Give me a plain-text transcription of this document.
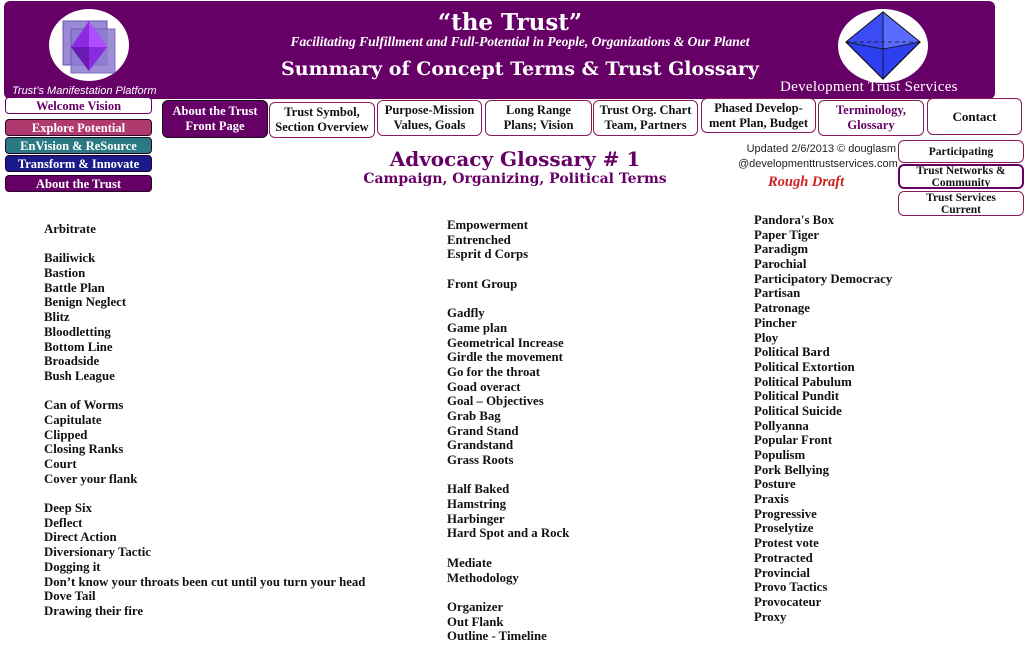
“the Trust”
Facilitating Fulfillment and Full-Potential in People, Organizations & Our Planet
Summary of Concept Terms & Trust Glossary
Trust’s Manifestation Platform	Development Trust Services
Welcome Vision
Explore Potential
EnVision & ReSource
Transform & Innovate
About the Trust
About the Trust
Front Page
Trust Symbol,
Section Overview
Purpose-Mission
Values, Goals
Long Range
Plans; Vision
Trust Org. Chart
Team, Partners
Phased Develop-
ment Plan, Budget
Terminology,
Glossary
Contact
Participating
Trust Networks &
Community
Trust Services
Current
Advocacy Glossary # 1
Campaign, Organizing, Political Terms
Updated 2/6/2013 © douglasm
@developmenttrustservices.com
Rough Draft
Arbitrate
Bailiwick
Bastion
Battle Plan
Benign Neglect
Blitz
Bloodletting
Bottom Line
Broadside
Bush League
Can of Worms
Capitulate
Clipped
Closing Ranks
Court
Cover your flank
Deep Six
Deflect
Direct Action
Diversionary Tactic
Dogging it
Don’t know your throats been cut until you turn your head
Dove Tail
Drawing their fire
Empowerment
Entrenched
Esprit d Corps
Front Group
Gadfly
Game plan
Geometrical Increase
Girdle the movement
Go for the throat
Goad overact
Goal – Objectives
Grab Bag
Grand Stand
Grandstand
Grass Roots
Half Baked
Hamstring
Harbinger
Hard Spot and a Rock
Mediate
Methodology
Organizer
Out Flank
Outline - Timeline
Pandora's Box
Paper Tiger
Paradigm
Parochial
Participatory Democracy
Partisan
Patronage
Pincher
Ploy
Political Bard
Political Extortion
Political Pabulum
Political Pundit
Political Suicide
Pollyanna
Popular Front
Populism
Pork Bellying
Posture
Praxis
Progressive
Proselytize
Protest vote
Protracted
Provincial
Provo Tactics
Provocateur
Proxy
